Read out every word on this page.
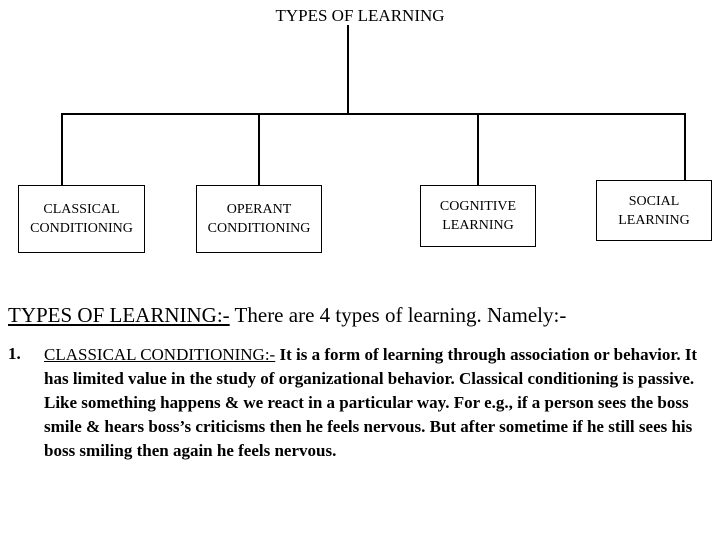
TYPES OF LEARNING
CLASSICAL
CONDITIONING
OPERANT
CONDITIONING
COGNITIVE
LEARNING
SOCIAL
LEARNING
TYPES OF LEARNING:- There are 4 types of learning. Namely:-
1. CLASSICAL CONDITIONING:- It is a form of learning through association or behavior. It has limited value in the study of organizational behavior. Classical conditioning is passive. Like something happens & we react in a particular way. For e.g., if a person sees the boss smile & hears boss’s criticisms then he feels nervous. But after sometime if he still sees his boss smiling then again he feels nervous.
